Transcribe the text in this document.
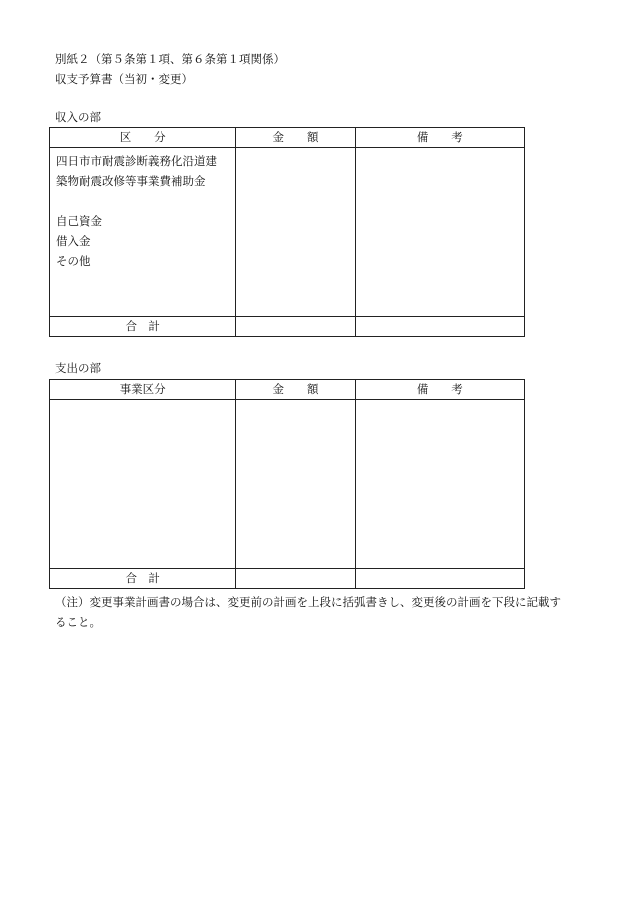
別紙２（第５条第１項、第６条第１項関係）
収支予算書（当初・変更）
収入の部
区　　分	金　　額	備　　考

四日市市耐震診断義務化沿道建
築物耐震改修等事業費補助金
自己資金
借入金
その他		

合　計		
支出の部
事業区分	金　　額	備　　考

合　計		
（注）変更事業計画書の場合は、変更前の計画を上段に括弧書きし、変更後の計画を下段に記載す
ること。
